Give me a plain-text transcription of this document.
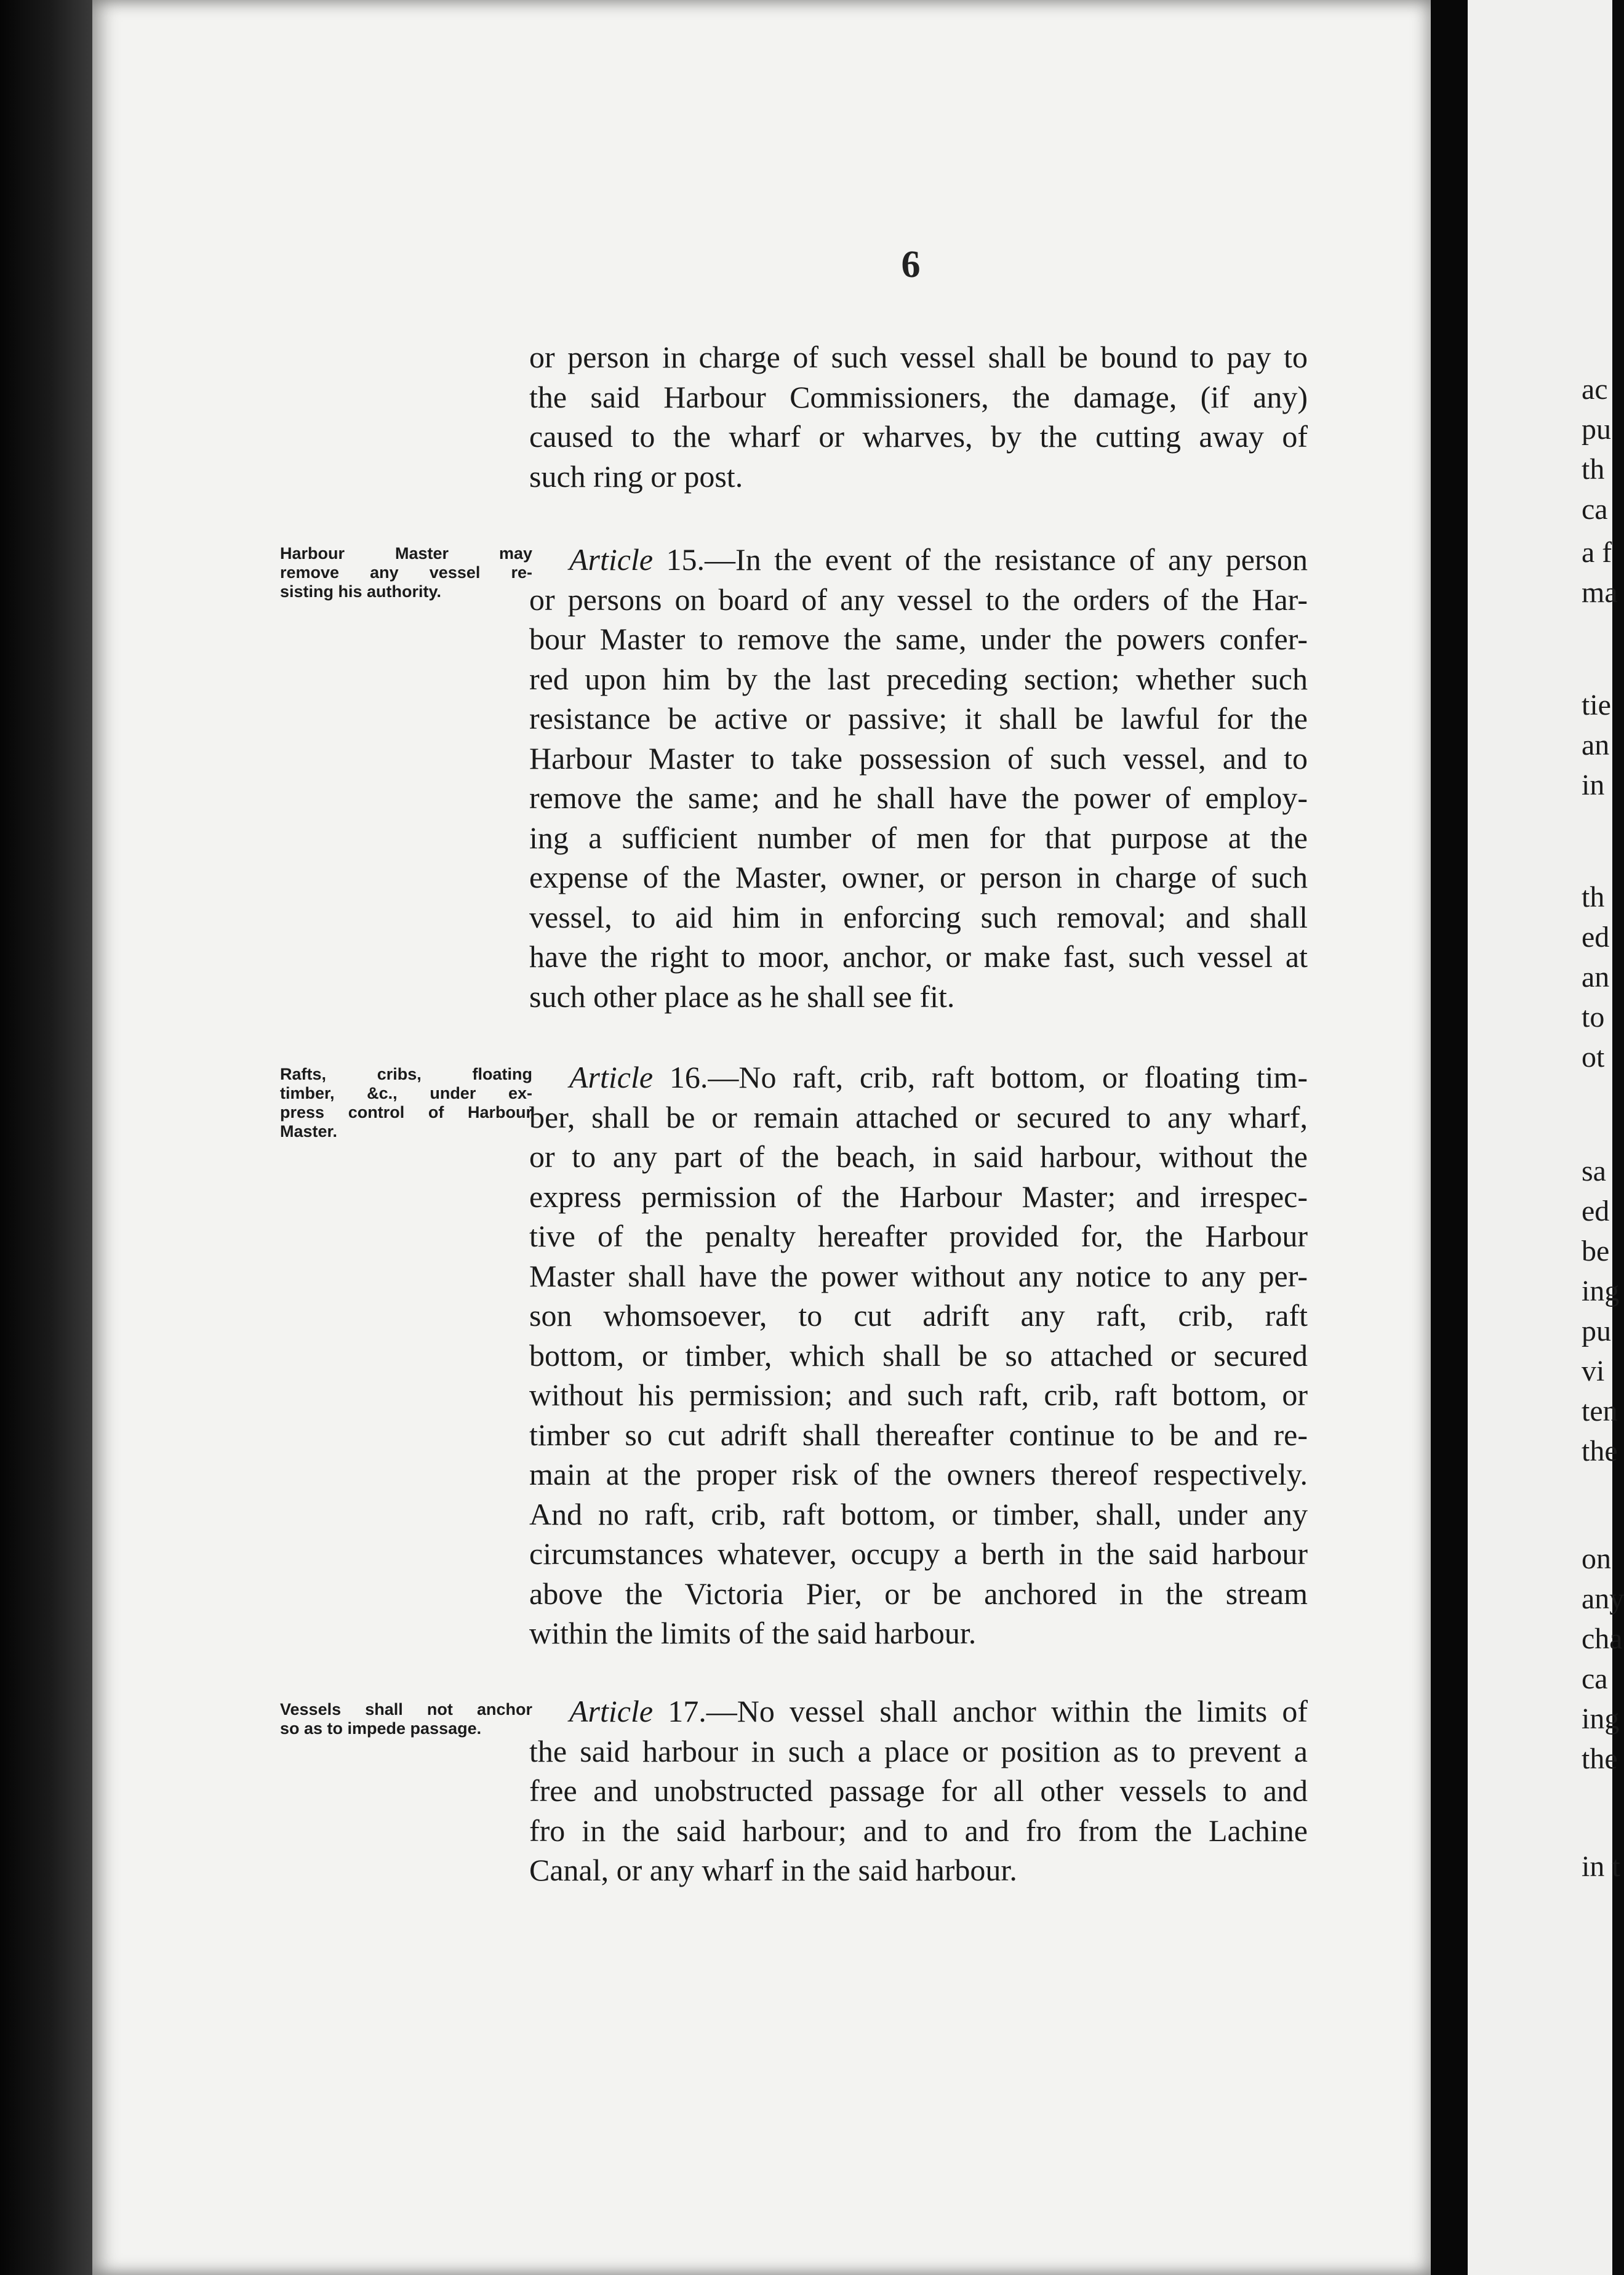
6
or person in charge of such vessel shall be bound to pay to
the said Harbour Commissioners, the damage, (if any)
caused to the wharf or wharves, by the cutting away of
such ring or post.
Harbour Master may
remove any vessel re-
sisting his authority.
Article 15.—In the event of the resistance of any person
or persons on board of any vessel to the orders of the Har-
bour Master to remove the same, under the powers confer-
red upon him by the last preceding section; whether such
resistance be active or passive; it shall be lawful for the
Harbour Master to take possession of such vessel, and to
remove the same; and he shall have the power of employ-
ing a sufficient number of men for that purpose at the
expense of the Master, owner, or person in charge of such
vessel, to aid him in enforcing such removal; and shall
have the right to moor, anchor, or make fast, such vessel at
such other place as he shall see fit.
Rafts, cribs, floating
timber, &c., under ex-
press control of Harbour
Master.
Article 16.—No raft, crib, raft bottom, or floating tim-
ber, shall be or remain attached or secured to any wharf,
or to any part of the beach, in said harbour, without the
express permission of the Harbour Master; and irrespec-
tive of the penalty hereafter provided for, the Harbour
Master shall have the power without any notice to any per-
son whomsoever, to cut adrift any raft, crib, raft
bottom, or timber, which shall be so attached or secured
without his permission; and such raft, crib, raft bottom, or
timber so cut adrift shall thereafter continue to be and re-
main at the proper risk of the owners thereof respectively.
And no raft, crib, raft bottom, or timber, shall, under any
circumstances whatever, occupy a berth in the said harbour
above the Victoria Pier, or be anchored in the stream
within the limits of the said harbour.
Vessels shall not anchor
so as to impede passage.	Article 17.—No vessel shall anchor within the limits of
the said harbour in such a place or position as to prevent a
free and unobstructed passage for all other vessels to and
fro in the said harbour; and to and fro from the Lachine
Canal, or any wharf in the said harbour.
ac
pu
th
ca
a f
ma
tie
an
in
th
ed
an
to
ot
sa
ed
be
ing
pu
vi
ten
the
on
any
cha
ca
ing
the
in t
